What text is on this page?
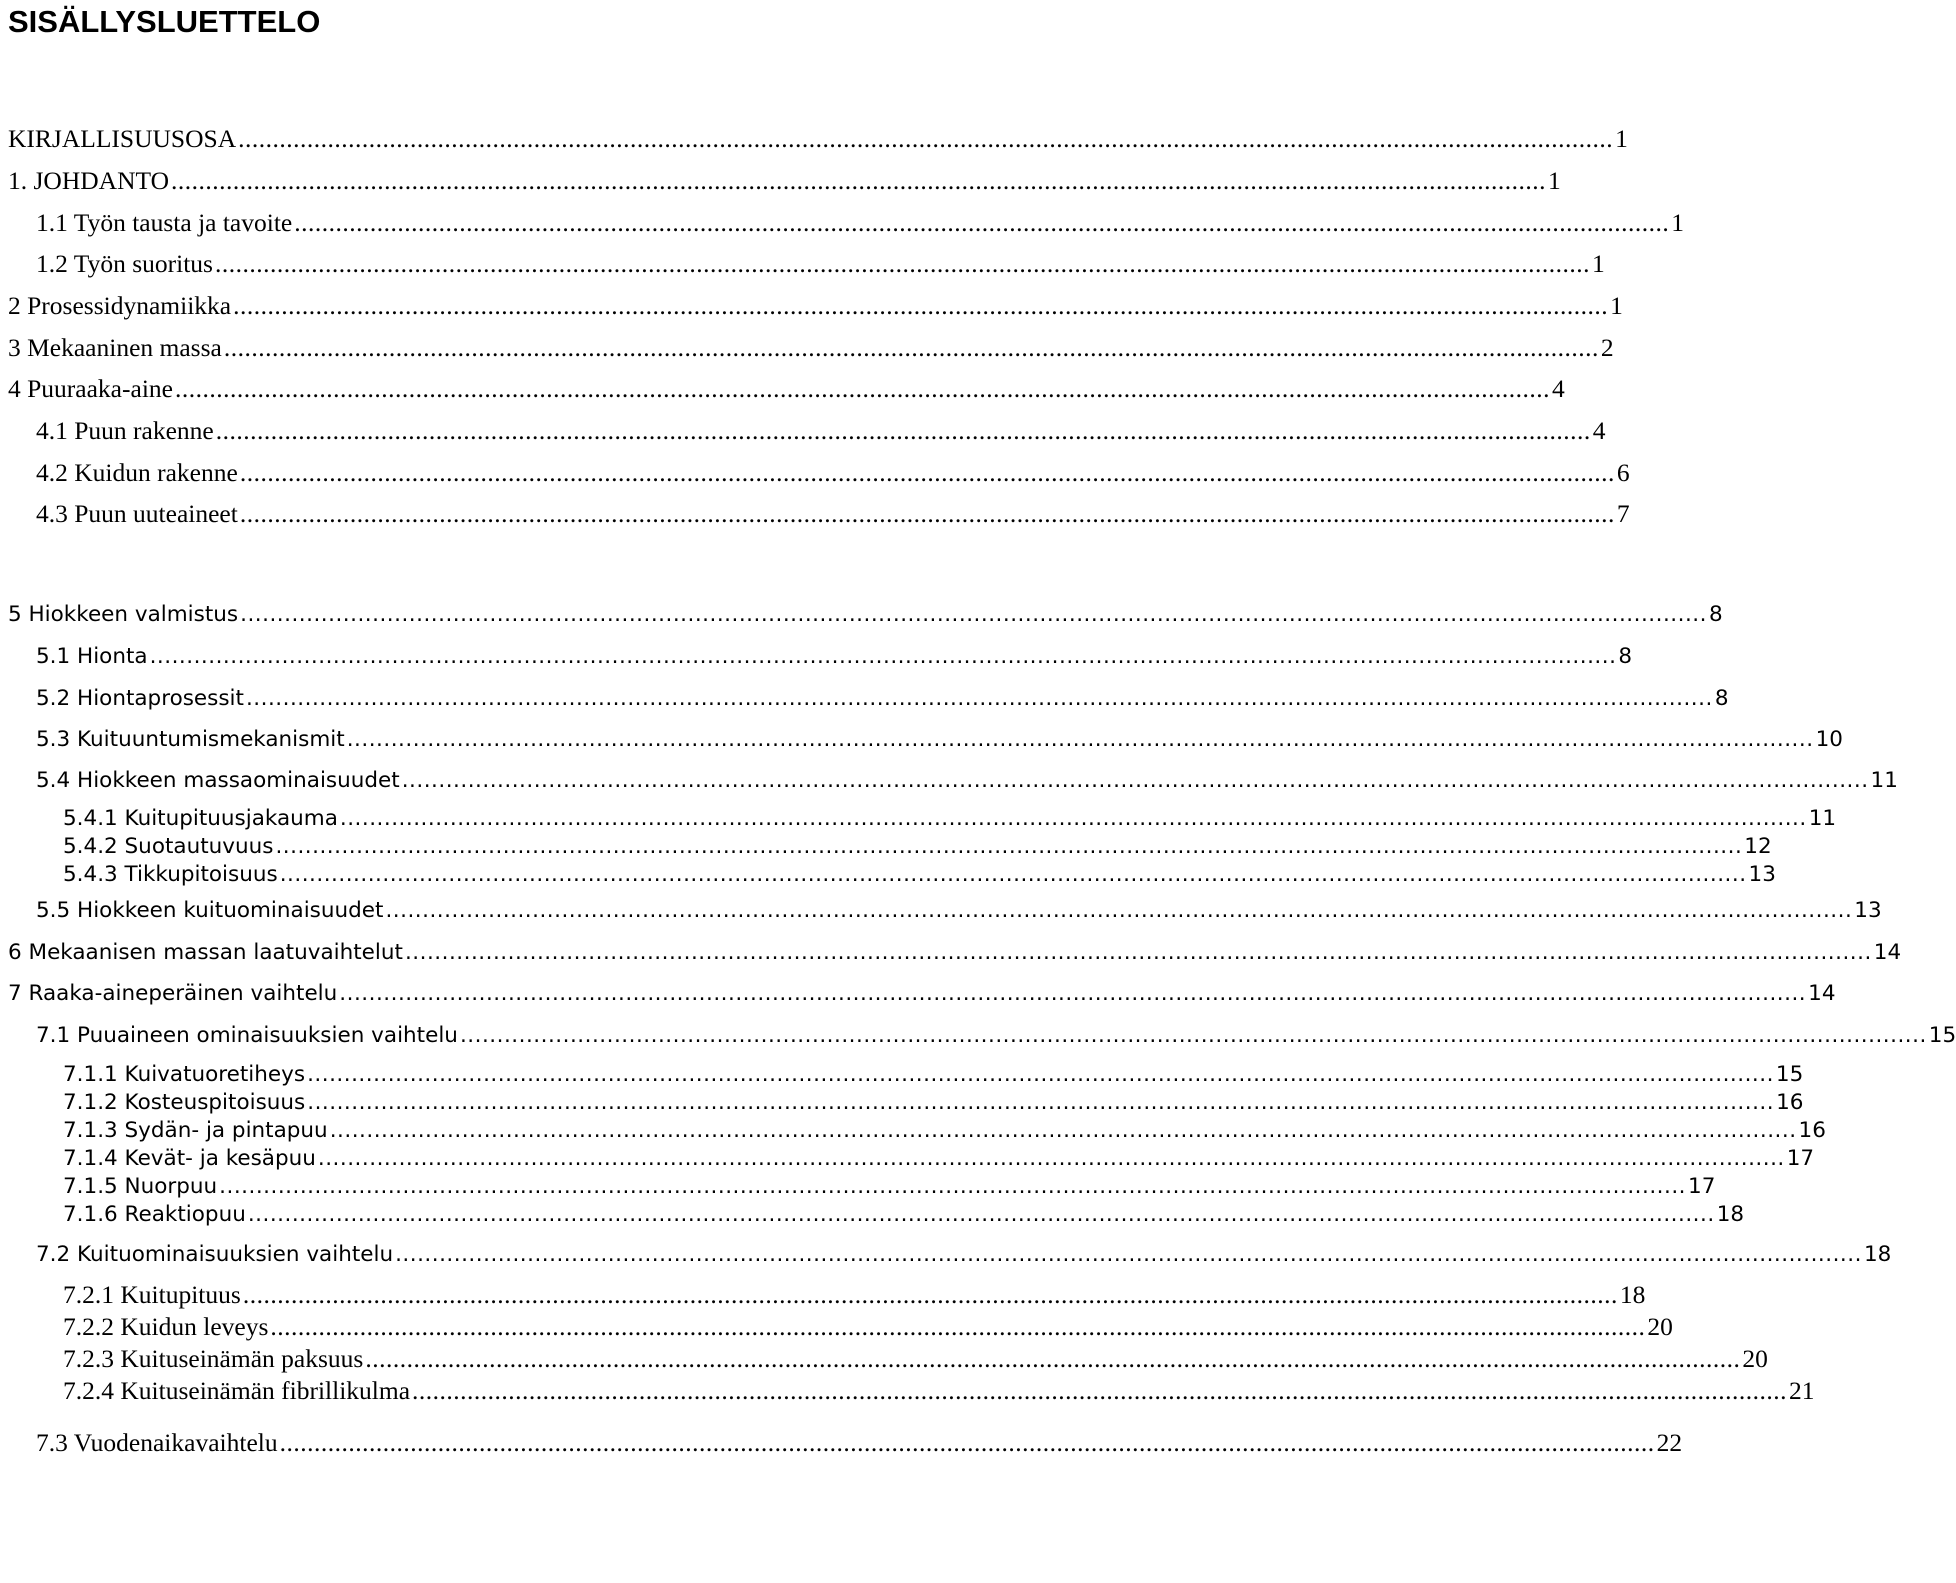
SISÄLLYSLUETTELO
KIRJALLISUUSOSA ........................................................................................................................................................................................................ 1
1. JOHDANTO ........................................................................................................................................................................................................ 1
1.1 Työn tausta ja tavoite ........................................................................................................................................................................................................ 1
1.2 Työn suoritus ........................................................................................................................................................................................................ 1
2 Prosessidynamiikka ........................................................................................................................................................................................................ 1
3 Mekaaninen massa ........................................................................................................................................................................................................ 2
4 Puuraaka-aine ........................................................................................................................................................................................................ 4
4.1 Puun rakenne ........................................................................................................................................................................................................ 4
4.2 Kuidun rakenne ........................................................................................................................................................................................................ 6
4.3 Puun uuteaineet ........................................................................................................................................................................................................ 7
5 Hiokkeen valmistus ........................................................................................................................................................................................................ 8
5.1 Hionta ........................................................................................................................................................................................................ 8
5.2 Hiontaprosessit ........................................................................................................................................................................................................ 8
5.3 Kuituuntumismekanismit ........................................................................................................................................................................................................ 10
5.4 Hiokkeen massaominaisuudet ........................................................................................................................................................................................................ 11
5.4.1 Kuitupituusjakauma ........................................................................................................................................................................................................ 11
5.4.2 Suotautuvuus ........................................................................................................................................................................................................ 12
5.4.3 Tikkupitoisuus ........................................................................................................................................................................................................ 13
5.5 Hiokkeen kuituominaisuudet ........................................................................................................................................................................................................ 13
6 Mekaanisen massan laatuvaihtelut ........................................................................................................................................................................................................ 14
7 Raaka-aineperäinen vaihtelu ........................................................................................................................................................................................................ 14
7.1 Puuaineen ominaisuuksien vaihtelu ........................................................................................................................................................................................................ 15
7.1.1 Kuivatuoretiheys ........................................................................................................................................................................................................ 15
7.1.2 Kosteuspitoisuus ........................................................................................................................................................................................................ 16
7.1.3 Sydän- ja pintapuu ........................................................................................................................................................................................................ 16
7.1.4 Kevät- ja kesäpuu ........................................................................................................................................................................................................ 17
7.1.5 Nuorpuu ........................................................................................................................................................................................................ 17
7.1.6 Reaktiopuu ........................................................................................................................................................................................................ 18
7.2 Kuituominaisuuksien vaihtelu ........................................................................................................................................................................................................ 18
7.2.1 Kuitupituus ........................................................................................................................................................................................................ 18
7.2.2 Kuidun leveys ........................................................................................................................................................................................................ 20
7.2.3 Kuituseinämän paksuus ........................................................................................................................................................................................................ 20
7.2.4 Kuituseinämän fibrillikulma ........................................................................................................................................................................................................ 21
7.3 Vuodenaikavaihtelu ........................................................................................................................................................................................................ 22
